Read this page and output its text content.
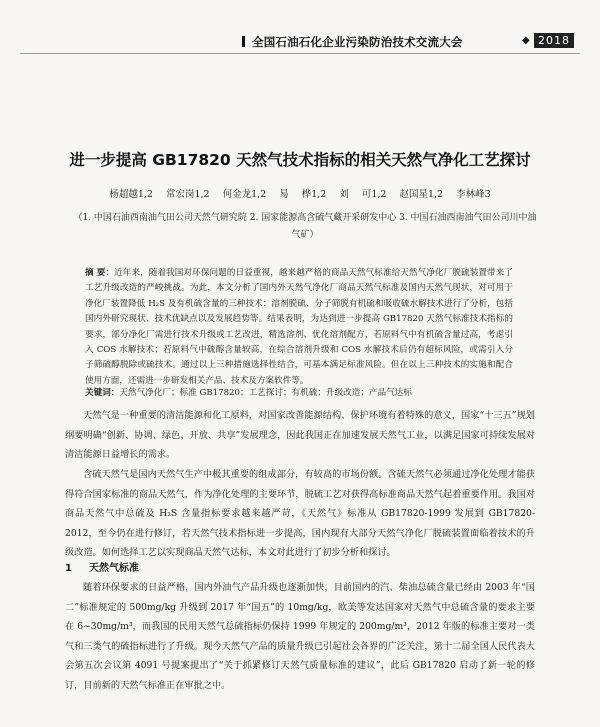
全国石油石化企业污染防治技术交流大会	◆ 2018
进一步提高 GB17820 天然气技术指标的相关天然气净化工艺探讨
杨超越1,2 常宏岗1,2 何金龙1,2 易 桦1,2 刘 可1,2 赵国星1,2 李林峰3
（1. 中国石油西南油气田公司天然气研究院 2. 国家能源高含硫气藏开采研发中心 3. 中国石油西南油气田公司川中油气矿）
摘 要：近年来，随着我国对环保问题的日益重视，越来越严格的商品天然气标准给天然气净化厂脱硫装置带来了工艺升级改造的严峻挑战。为此，本文分析了国内外天然气净化厂商品天然气标准及国内天然气现状，对可用于净化厂装置降低 H₂S 及有机硫含量的三种技术：溶剂脱硫、分子筛脱有机硫和吸收硫水解技术进行了分析，包括国内外研究现状、技术优缺点以及发展趋势等。结果表明，为达到进一步提高 GB17820 天然气标准技术指标的要求，部分净化厂需进行技术升级或工艺改进，精选溶剂、优化溶剂配方、若原料气中有机硫含量过高，考虑引入 COS 水解技术；若原料气中硫醇含量较高，在综合溶剂升级和 COS 水解技术后仍有超标风险，或需引入分子筛硫醇脱除或硫技术。通过以上三种措施选择性结合，可基本满足标准风险。但在以上三种技术的实施和配合使用方面，还需进一步研发相关产品、技术及方案软件等。
关键词：天然气净化厂；标准 GB17820；工艺探讨；有机硫；升级改造；产品气达标
天然气是一种重要的清洁能源和化工原料，对国家改善能源结构、保护环境有着特殊的意义，国家“十三五”规划纲要明确“创新、协调、绿色、开放、共享”发展理念，因此我国正在加速发展天然气工业，以满足国家可持续发展对清洁能源日益增长的需求。
含硫天然气是国内天然气生产中极其重要的组成部分，有较高的市场份额。含硫天然气必须通过净化处理才能获得符合国家标准的商品天然气，作为净化处理的主要环节，脱硫工艺对获得高标准商品天然气起着重要作用。我国对商品天然气中总硫及 H₂S 含量指标要求越来越严苛，《天然气》标准从 GB17820-1999 发展到 GB17820-2012，至今仍在进行修订，若天然气技术指标进一步提高，国内现有大部分天然气净化厂脱硫装置面临着技术的升级改造。如何选择工艺以实现商品天然气达标，本文对此进行了初步分析和探讨。
1 天然气标准
随着环保要求的日益严格，国内外油气产品升级也逐渐加快，目前国内的汽、柴油总硫含量已经由 2003 年“国二”标准规定的 500mg/kg 升级到 2017 年“国五”的 10mg/kg，欧美等发达国家对天然气中总硫含量的要求主要在 6~30mg/m³，而我国的民用天然气总硫指标仍保持 1999 年规定的 200mg/m³，2012 年版的标准主要对一类气和三类气的硫指标进行了升级。现今天然气产品的质量升级已引起社会各界的广泛关注，第十二届全国人民代表大会第五次会议第 4091 号提案提出了“关于抓紧修订天然气质量标准的建议”，此后 GB17820 启动了新一轮的修订，目前新的天然气标准正在审批之中。
